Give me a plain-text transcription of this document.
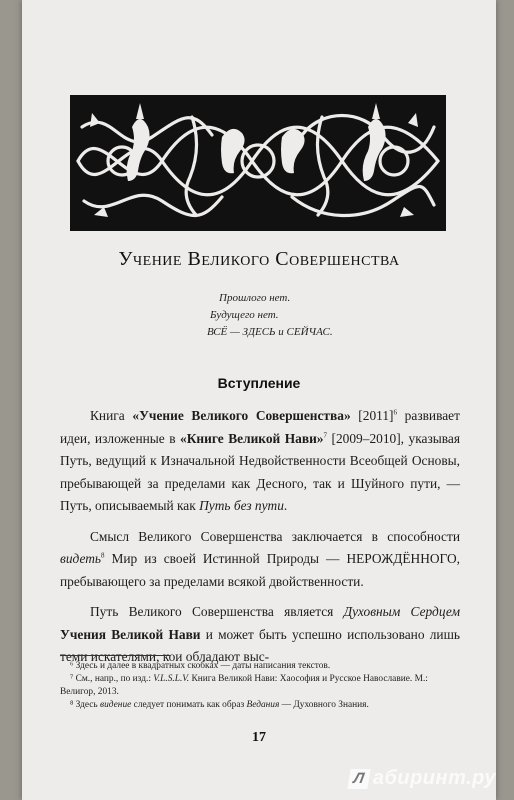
Учение Великого Совершенства
Прошлого нет.
Будущего нет.
ВСЁ — ЗДЕСЬ и СЕЙЧАС.
Вступление

Книга «Учение Великого Совершенства» $[2011]^6$ развивает идеи, изложенные в «Книге Великой Нави»$^7$ [2009–2010], указывая Путь, ведущий к Изначальной Недвойственности Всеобщей Основы, пребывающей за пределами как Десного, так и Шуйного пути, — Путь, описываемый как Путь без пути.

Смысл Великого Совершенства заключается в способности видеть$^8$ Мир из своей Истинной Природы — НЕРОЖДЁННОГО, пребывающего за пределами всякой двойственности.

Путь Великого Совершенства является Духовным Сердцем Учения Великой Нави и может быть успешно использовано лишь теми искателями, кои обладают выс-

⁶ Здесь и далее в квадратных скобках — даты написания текстов.
⁷ См., напр., по изд.: V.L.S.L.V. Книга Великой Нави: Хаософия и Русское Навославие. М.: Велигор, 2013.
⁸ Здесь видение следует понимать как образ Ведания — Духовного Знания.
17
Л абиринт.ру
